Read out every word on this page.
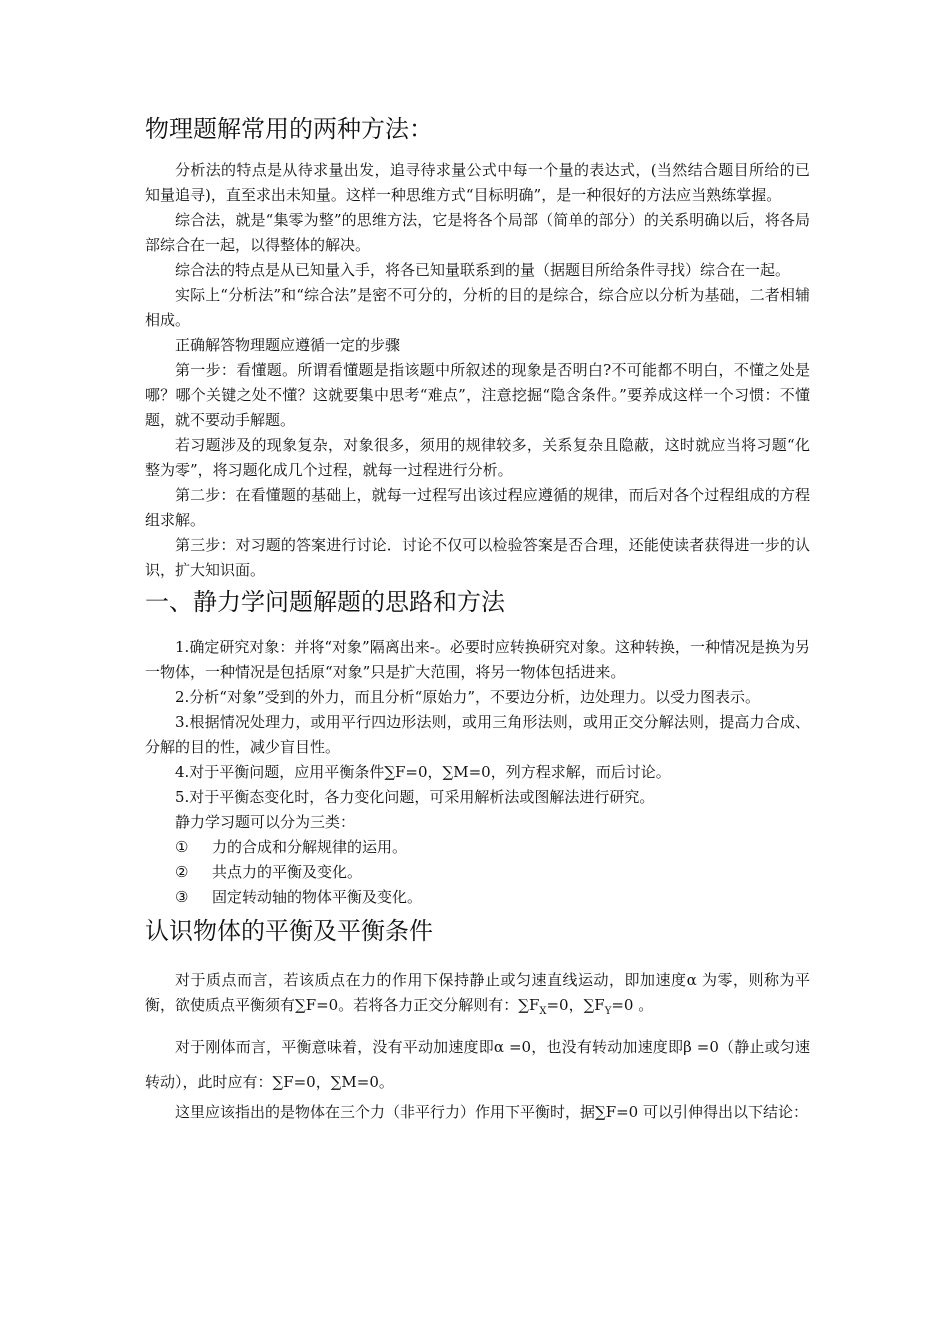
物理题解常用的两种方法：

分析法的特点是从待求量出发，追寻待求量公式中每一个量的表达式，(当然结合题目所给的已知量追寻)，直至求出未知量。这样一种思维方式“目标明确”，是一种很好的方法应当熟练掌握。

综合法，就是“集零为整”的思维方法，它是将各个局部（简单的部分）的关系明确以后，将各局部综合在一起，以得整体的解决。

综合法的特点是从已知量入手，将各已知量联系到的量（据题目所给条件寻找）综合在一起。

实际上“分析法”和“综合法”是密不可分的，分析的目的是综合，综合应以分析为基础，二者相辅相成。

正确解答物理题应遵循一定的步骤

第一步：看懂题。所谓看懂题是指该题中所叙述的现象是否明白?不可能都不明白，不懂之处是哪？哪个关键之处不懂？这就要集中思考“难点”，注意挖掘“隐含条件。”要养成这样一个习惯：不懂题，就不要动手解题。

若习题涉及的现象复杂，对象很多，须用的规律较多，关系复杂且隐蔽，这时就应当将习题“化整为零”，将习题化成几个过程，就每一过程进行分析。

第二步：在看懂题的基础上，就每一过程写出该过程应遵循的规律，而后对各个过程组成的方程组求解。

第三步：对习题的答案进行讨论．讨论不仅可以检验答案是否合理，还能使读者获得进一步的认识，扩大知识面。

一、静力学问题解题的思路和方法

1.确定研究对象：并将“对象”隔离出来-。必要时应转换研究对象。这种转换，一种情况是换为另一物体，一种情况是包括原“对象”只是扩大范围，将另一物体包括进来。

2.分析“对象”受到的外力，而且分析“原始力”，不要边分析，边处理力。以受力图表示。

3.根据情况处理力，或用平行四边形法则，或用三角形法则，或用正交分解法则，提高力合成、分解的目的性，减少盲目性。

4.对于平衡问题，应用平衡条件∑F=0，∑M=0，列方程求解，而后讨论。

5.对于平衡态变化时，各力变化问题，可采用解析法或图解法进行研究。

静力学习题可以分为三类：

① 力的合成和分解规律的运用。

② 共点力的平衡及变化。

③ 固定转动轴的物体平衡及变化。

认识物体的平衡及平衡条件

对于质点而言，若该质点在力的作用下保持静止或匀速直线运动，即加速度α 为零，则称为平衡，欲使质点平衡须有∑F=0。若将各力正交分解则有：$\sum F_X=0$，$\sum F_Y=0$ 。

对于刚体而言，平衡意味着，没有平动加速度即α =0，也没有转动加速度即β =0（静止或匀速转动），此时应有：∑F=0，∑M=0。

这里应该指出的是物体在三个力（非平行力）作用下平衡时，据∑F=0 可以引伸得出以下结论：
